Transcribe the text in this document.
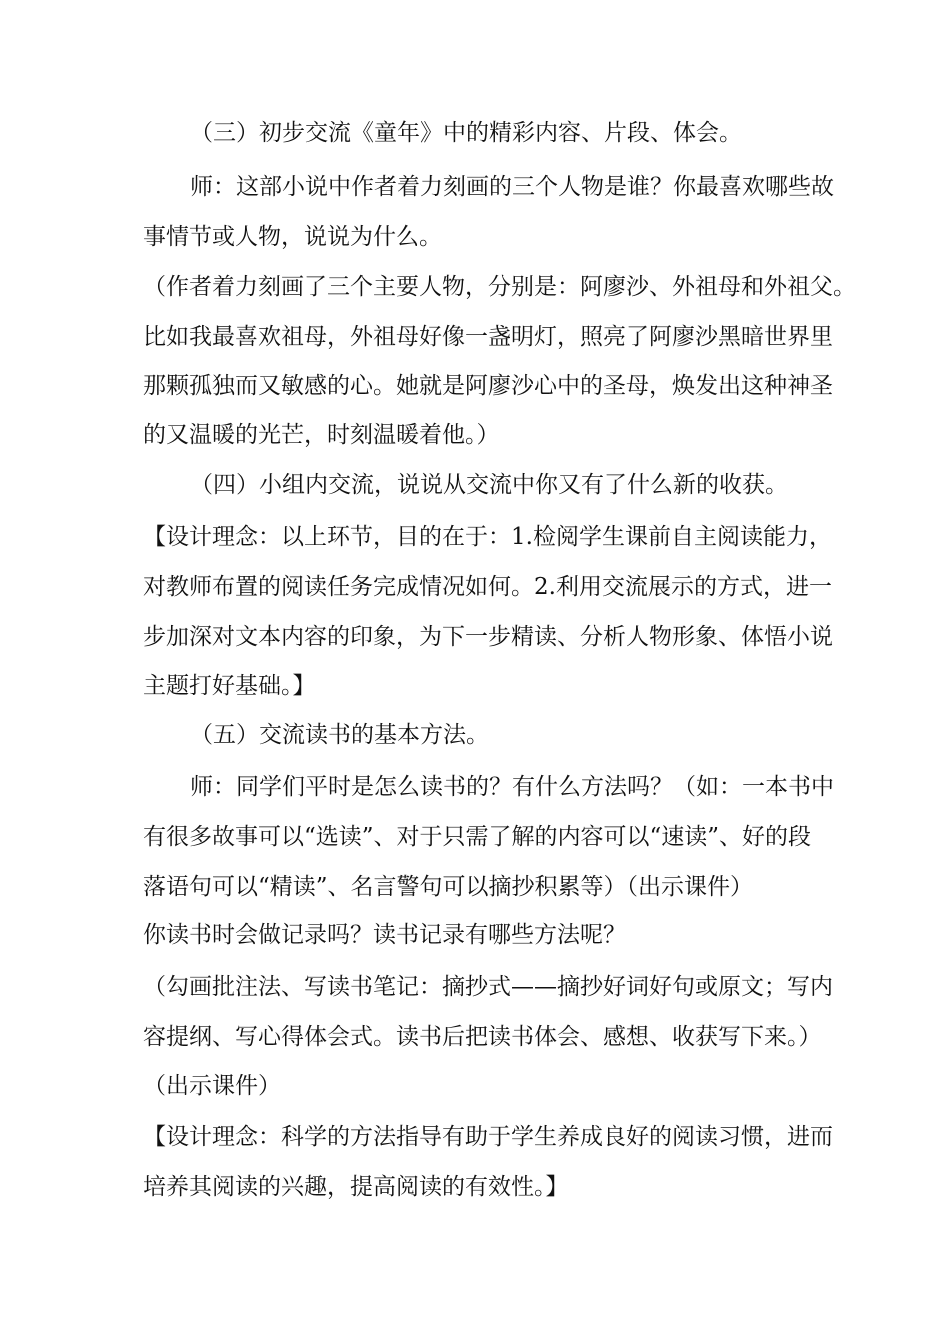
（三）初步交流《童年》中的精彩内容、片段、体会。
师：这部小说中作者着力刻画的三个人物是谁？你最喜欢哪些故
事情节或人物，说说为什么。
（作者着力刻画了三个主要人物，分别是：阿廖沙、外祖母和外祖父。
比如我最喜欢祖母，外祖母好像一盏明灯，照亮了阿廖沙黑暗世界里
那颗孤独而又敏感的心。她就是阿廖沙心中的圣母，焕发出这种神圣
的又温暖的光芒，时刻温暖着他。）
（四）小组内交流，说说从交流中你又有了什么新的收获。
【设计理念：以上环节，目的在于：1.检阅学生课前自主阅读能力，
对教师布置的阅读任务完成情况如何。2.利用交流展示的方式，进一
步加深对文本内容的印象，为下一步精读、分析人物形象、体悟小说
主题打好基础。】
（五）交流读书的基本方法。
师：同学们平时是怎么读书的？有什么方法吗？（如：一本书中
有很多故事可以“选读”、对于只需了解的内容可以“速读”、好的段
落语句可以“精读”、名言警句可以摘抄积累等）（出示课件）
你读书时会做记录吗？读书记录有哪些方法呢？
（勾画批注法、写读书笔记：摘抄式——摘抄好词好句或原文；写内
容提纲、写心得体会式。读书后把读书体会、感想、收获写下来。）
（出示课件）
【设计理念：科学的方法指导有助于学生养成良好的阅读习惯，进而
培养其阅读的兴趣，提高阅读的有效性。】
